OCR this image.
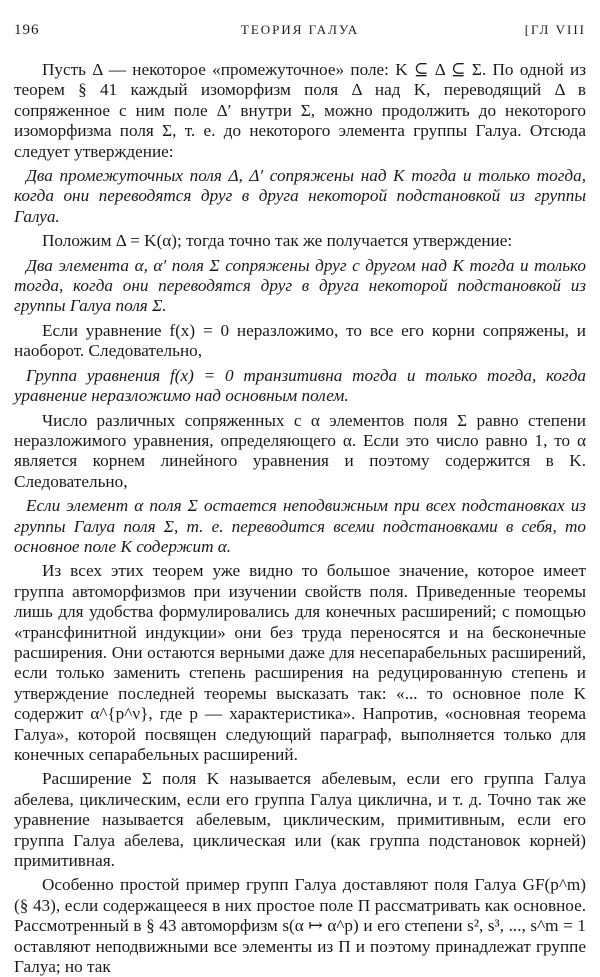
196	ТЕОРИЯ ГАЛУА	[ГЛ VIII

Пусть Δ — некоторое «промежуточное» поле: K ⊆ Δ ⊆ Σ. По одной из теорем § 41 каждый изоморфизм поля Δ над K, переводящий Δ в сопряженное с ним поле Δ′ внутри Σ, можно продолжить до некоторого изоморфизма поля Σ, т. е. до некоторого элемента группы Галуа. Отсюда следует утверждение:

Два промежуточных поля Δ, Δ′ сопряжены над K тогда и только тогда, когда они переводятся друг в друга некоторой подстановкой из группы Галуа.

Положим Δ = K(α); тогда точно так же получается утверждение:

Два элемента α, α′ поля Σ сопряжены друг с другом над K тогда и только тогда, когда они переводятся друг в друга некоторой подстановкой из группы Галуа поля Σ.

Если уравнение f(x) = 0 неразложимо, то все его корни сопряжены, и наоборот. Следовательно,

Группа уравнения f(x) = 0 транзитивна тогда и только тогда, когда уравнение неразложимо над основным полем.

Число различных сопряженных с α элементов поля Σ равно степени неразложимого уравнения, определяющего α. Если это число равно 1, то α является корнем линейного уравнения и поэтому содержится в K. Следовательно,

Если элемент α поля Σ остается неподвижным при всех подстановках из группы Галуа поля Σ, т. е. переводится всеми подстановками в себя, то основное поле K содержит α.

Из всех этих теорем уже видно то большое значение, которое имеет группа автоморфизмов при изучении свойств поля. Приведенные теоремы лишь для удобства формулировались для конечных расширений; с помощью «трансфинитной индукции» они без труда переносятся и на бесконечные расширения. Они остаются верными даже для несепарабельных расширений, если только заменить степень расширения на редуцированную степень и утверждение последней теоремы высказать так: «... то основное поле K содержит α^{p^ν}, где p — характеристика». Напротив, «основная теорема Галуа», которой посвящен следующий параграф, выполняется только для конечных сепарабельных расширений.

Расширение Σ поля K называется абелевым, если его группа Галуа абелева, циклическим, если его группа Галуа циклична, и т. д. Точно так же уравнение называется абелевым, циклическим, примитивным, если его группа Галуа абелева, циклическая или (как группа подстановок корней) примитивная.

Особенно простой пример групп Галуа доставляют поля Галуа GF(p^m) (§ 43), если содержащееся в них простое поле Π рассматривать как основное. Рассмотренный в § 43 автоморфизм s(α ↦ α^p) и его степени s², s³, ..., s^m = 1 оставляют неподвижными все элементы из Π и поэтому принадлежат группе Галуа; но так
